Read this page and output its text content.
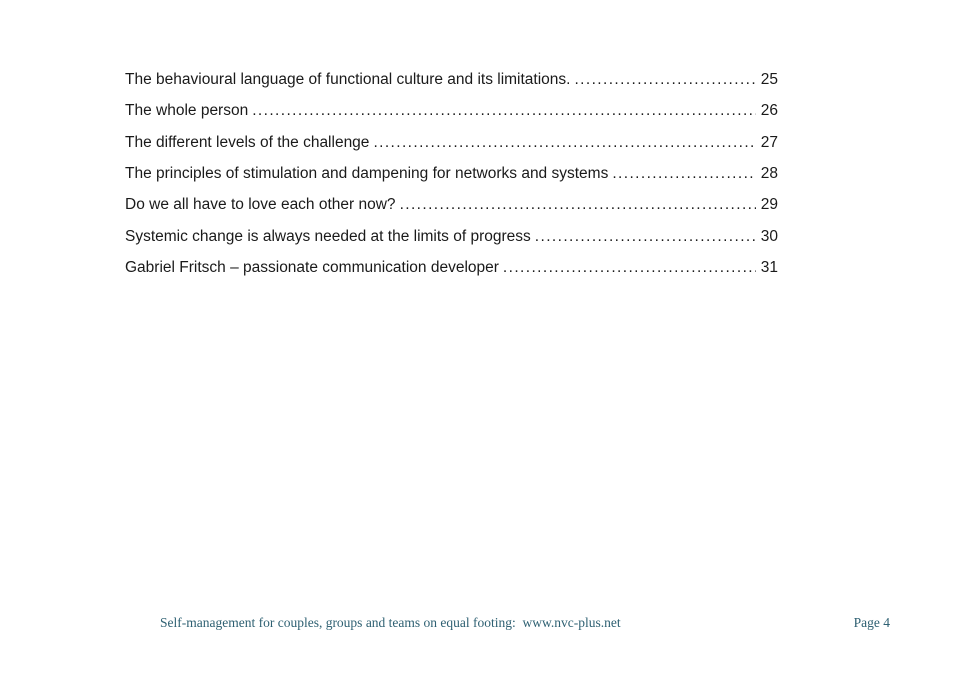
The behavioural language of functional culture and its limitations. .....	25
The whole person .....	26
The different levels of the challenge .....	27
The principles of stimulation and dampening for networks and systems .....	28
Do we all have to love each other now? .....	29
Systemic change is always needed at the limits of progress .....	30
Gabriel Fritsch – passionate communication developer .....	31
Self-management for couples, groups and teams on equal footing:  www.nvc-plus.net	Page 4
